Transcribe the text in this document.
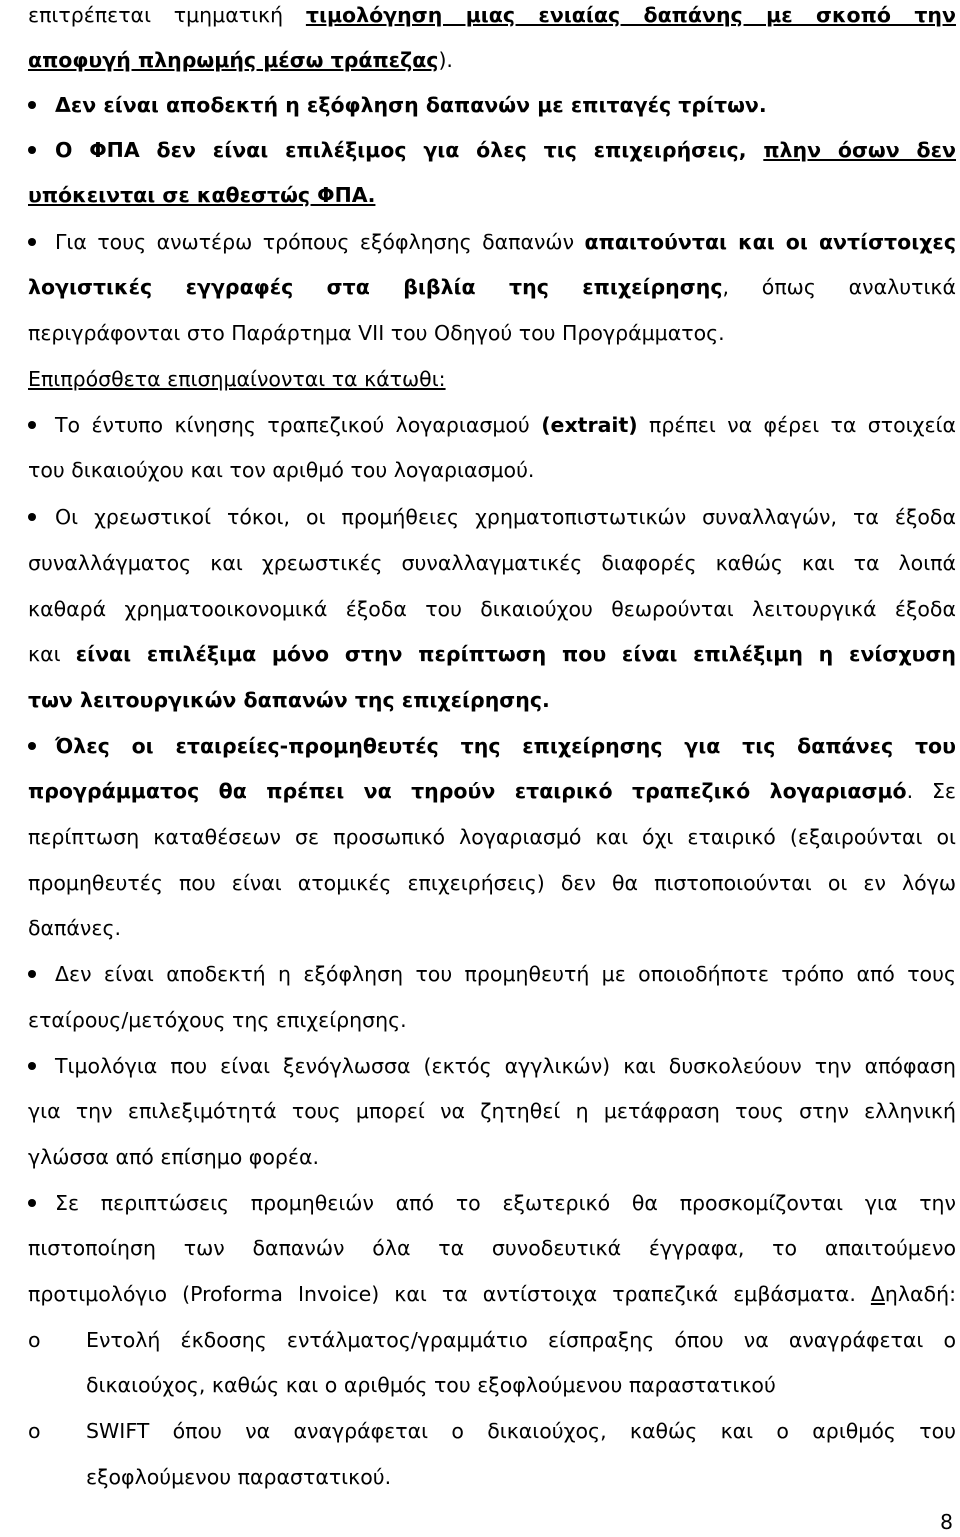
επιτρέπεται τμηματική τιμολόγηση μιας ενιαίας δαπάνης με σκοπό την

αποφυγή πληρωμής μέσω τράπεζας).

Δεν είναι αποδεκτή η εξόφληση δαπανών με επιταγές τρίτων.

Ο ΦΠΑ δεν είναι επιλέξιμος για όλες τις επιχειρήσεις, πλην όσων δεν

υπόκεινται σε καθεστώς ΦΠΑ.

Για τους ανωτέρω τρόπους εξόφλησης δαπανών απαιτούνται και οι αντίστοιχες

λογιστικές εγγραφές στα βιβλία της επιχείρησης, όπως αναλυτικά

περιγράφονται στο Παράρτημα VII του Οδηγού του Προγράμματος.

Επιπρόσθετα επισημαίνονται τα κάτωθι:

Το έντυπο κίνησης τραπεζικού λογαριασμού (extrait) πρέπει να φέρει τα στοιχεία

του δικαιούχου και τον αριθμό του λογαριασμού.

Οι χρεωστικοί τόκοι, οι προμήθειες χρηματοπιστωτικών συναλλαγών, τα έξοδα

συναλλάγματος και χρεωστικές συναλλαγματικές διαφορές καθώς και τα λοιπά

καθαρά χρηματοοικονομικά έξοδα του δικαιούχου θεωρούνται λειτουργικά έξοδα

και είναι επιλέξιμα μόνο στην περίπτωση που είναι επιλέξιμη η ενίσχυση

των λειτουργικών δαπανών της επιχείρησης.

Όλες οι εταιρείες-προμηθευτές της επιχείρησης για τις δαπάνες του

προγράμματος θα πρέπει να τηρούν εταιρικό τραπεζικό λογαριασμό. Σε

περίπτωση καταθέσεων σε προσωπικό λογαριασμό και όχι εταιρικό (εξαιρούνται οι

προμηθευτές που είναι ατομικές επιχειρήσεις) δεν θα πιστοποιούνται οι εν λόγω

δαπάνες.

Δεν είναι αποδεκτή η εξόφληση του προμηθευτή με οποιοδήποτε τρόπο από τους

εταίρους/μετόχους της επιχείρησης.

Τιμολόγια που είναι ξενόγλωσσα (εκτός αγγλικών) και δυσκολεύουν την απόφαση

για την επιλεξιμότητά τους μπορεί να ζητηθεί η μετάφραση τους στην ελληνική

γλώσσα από επίσημο φορέα.

Σε περιπτώσεις προμηθειών από το εξωτερικό θα προσκομίζονται για την

πιστοποίηση των δαπανών όλα τα συνοδευτικά έγγραφα, το απαιτούμενο

προτιμολόγιο (Proforma Invoice) και τα αντίστοιχα τραπεζικά εμβάσματα. Δηλαδή:

o Εντολή έκδοσης εντάλματος/γραμμάτιο είσπραξης όπου να αναγράφεται ο

δικαιούχος, καθώς και ο αριθμός του εξοφλούμενου παραστατικού

o SWIFT όπου να αναγράφεται ο δικαιούχος, καθώς και ο αριθμός του

εξοφλούμενου παραστατικού.

8
